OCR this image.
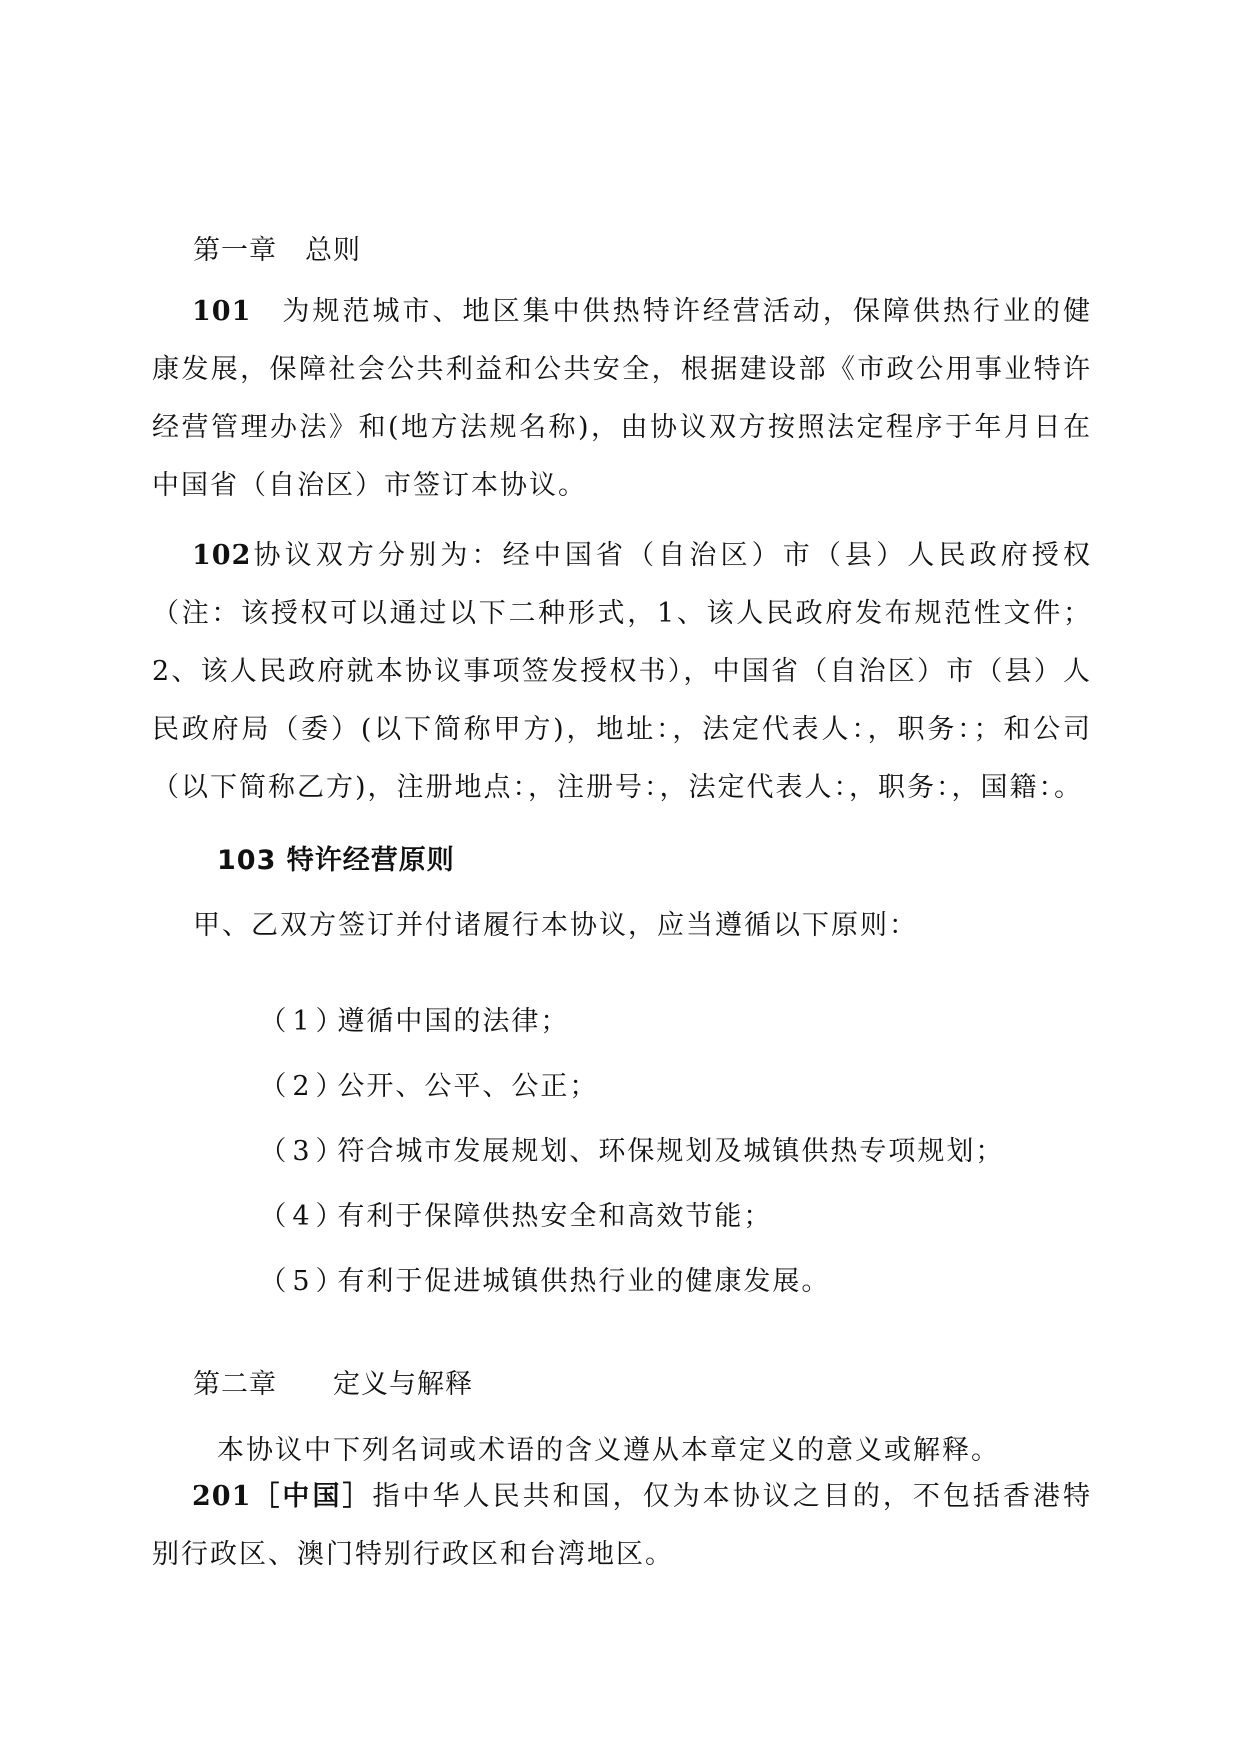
第一章　总则

101　 为规范城市、地区集中供热特许经营活动，保障供热行业的健康发展，保障社会公共利益和公共安全，根据建设部《市政公用事业特许经营管理办法》和(地方法规名称)，由协议双方按照法定程序于年月日在中国省（自治区）市签订本协议。

102协议双方分别为：经中国省（自治区）市（县）人民政府授权（注：该授权可以通过以下二种形式，1、该人民政府发布规范性文件；2、该人民政府就本协议事项签发授权书），中国省（自治区）市（县）人民政府局（委）(以下简称甲方)，地址：，法定代表人：，职务：；和公司（以下简称乙方)，注册地点：，注册号：，法定代表人：，职务：，国籍：。

103 特许经营原则
甲、乙双方签订并付诸履行本协议，应当遵循以下原则：

（1）遵循中国的法律；

（2）公开、公平、公正；

（3）符合城市发展规划、环保规划及城镇供热专项规划；

（4）有利于保障供热安全和高效节能；

（5）有利于促进城镇供热行业的健康发展。

第二章　　定义与解释
本协议中下列名词或术语的含义遵从本章定义的意义或解释。

201［中国］指中华人民共和国，仅为本协议之目的，不包括香港特别行政区、澳门特别行政区和台湾地区。
